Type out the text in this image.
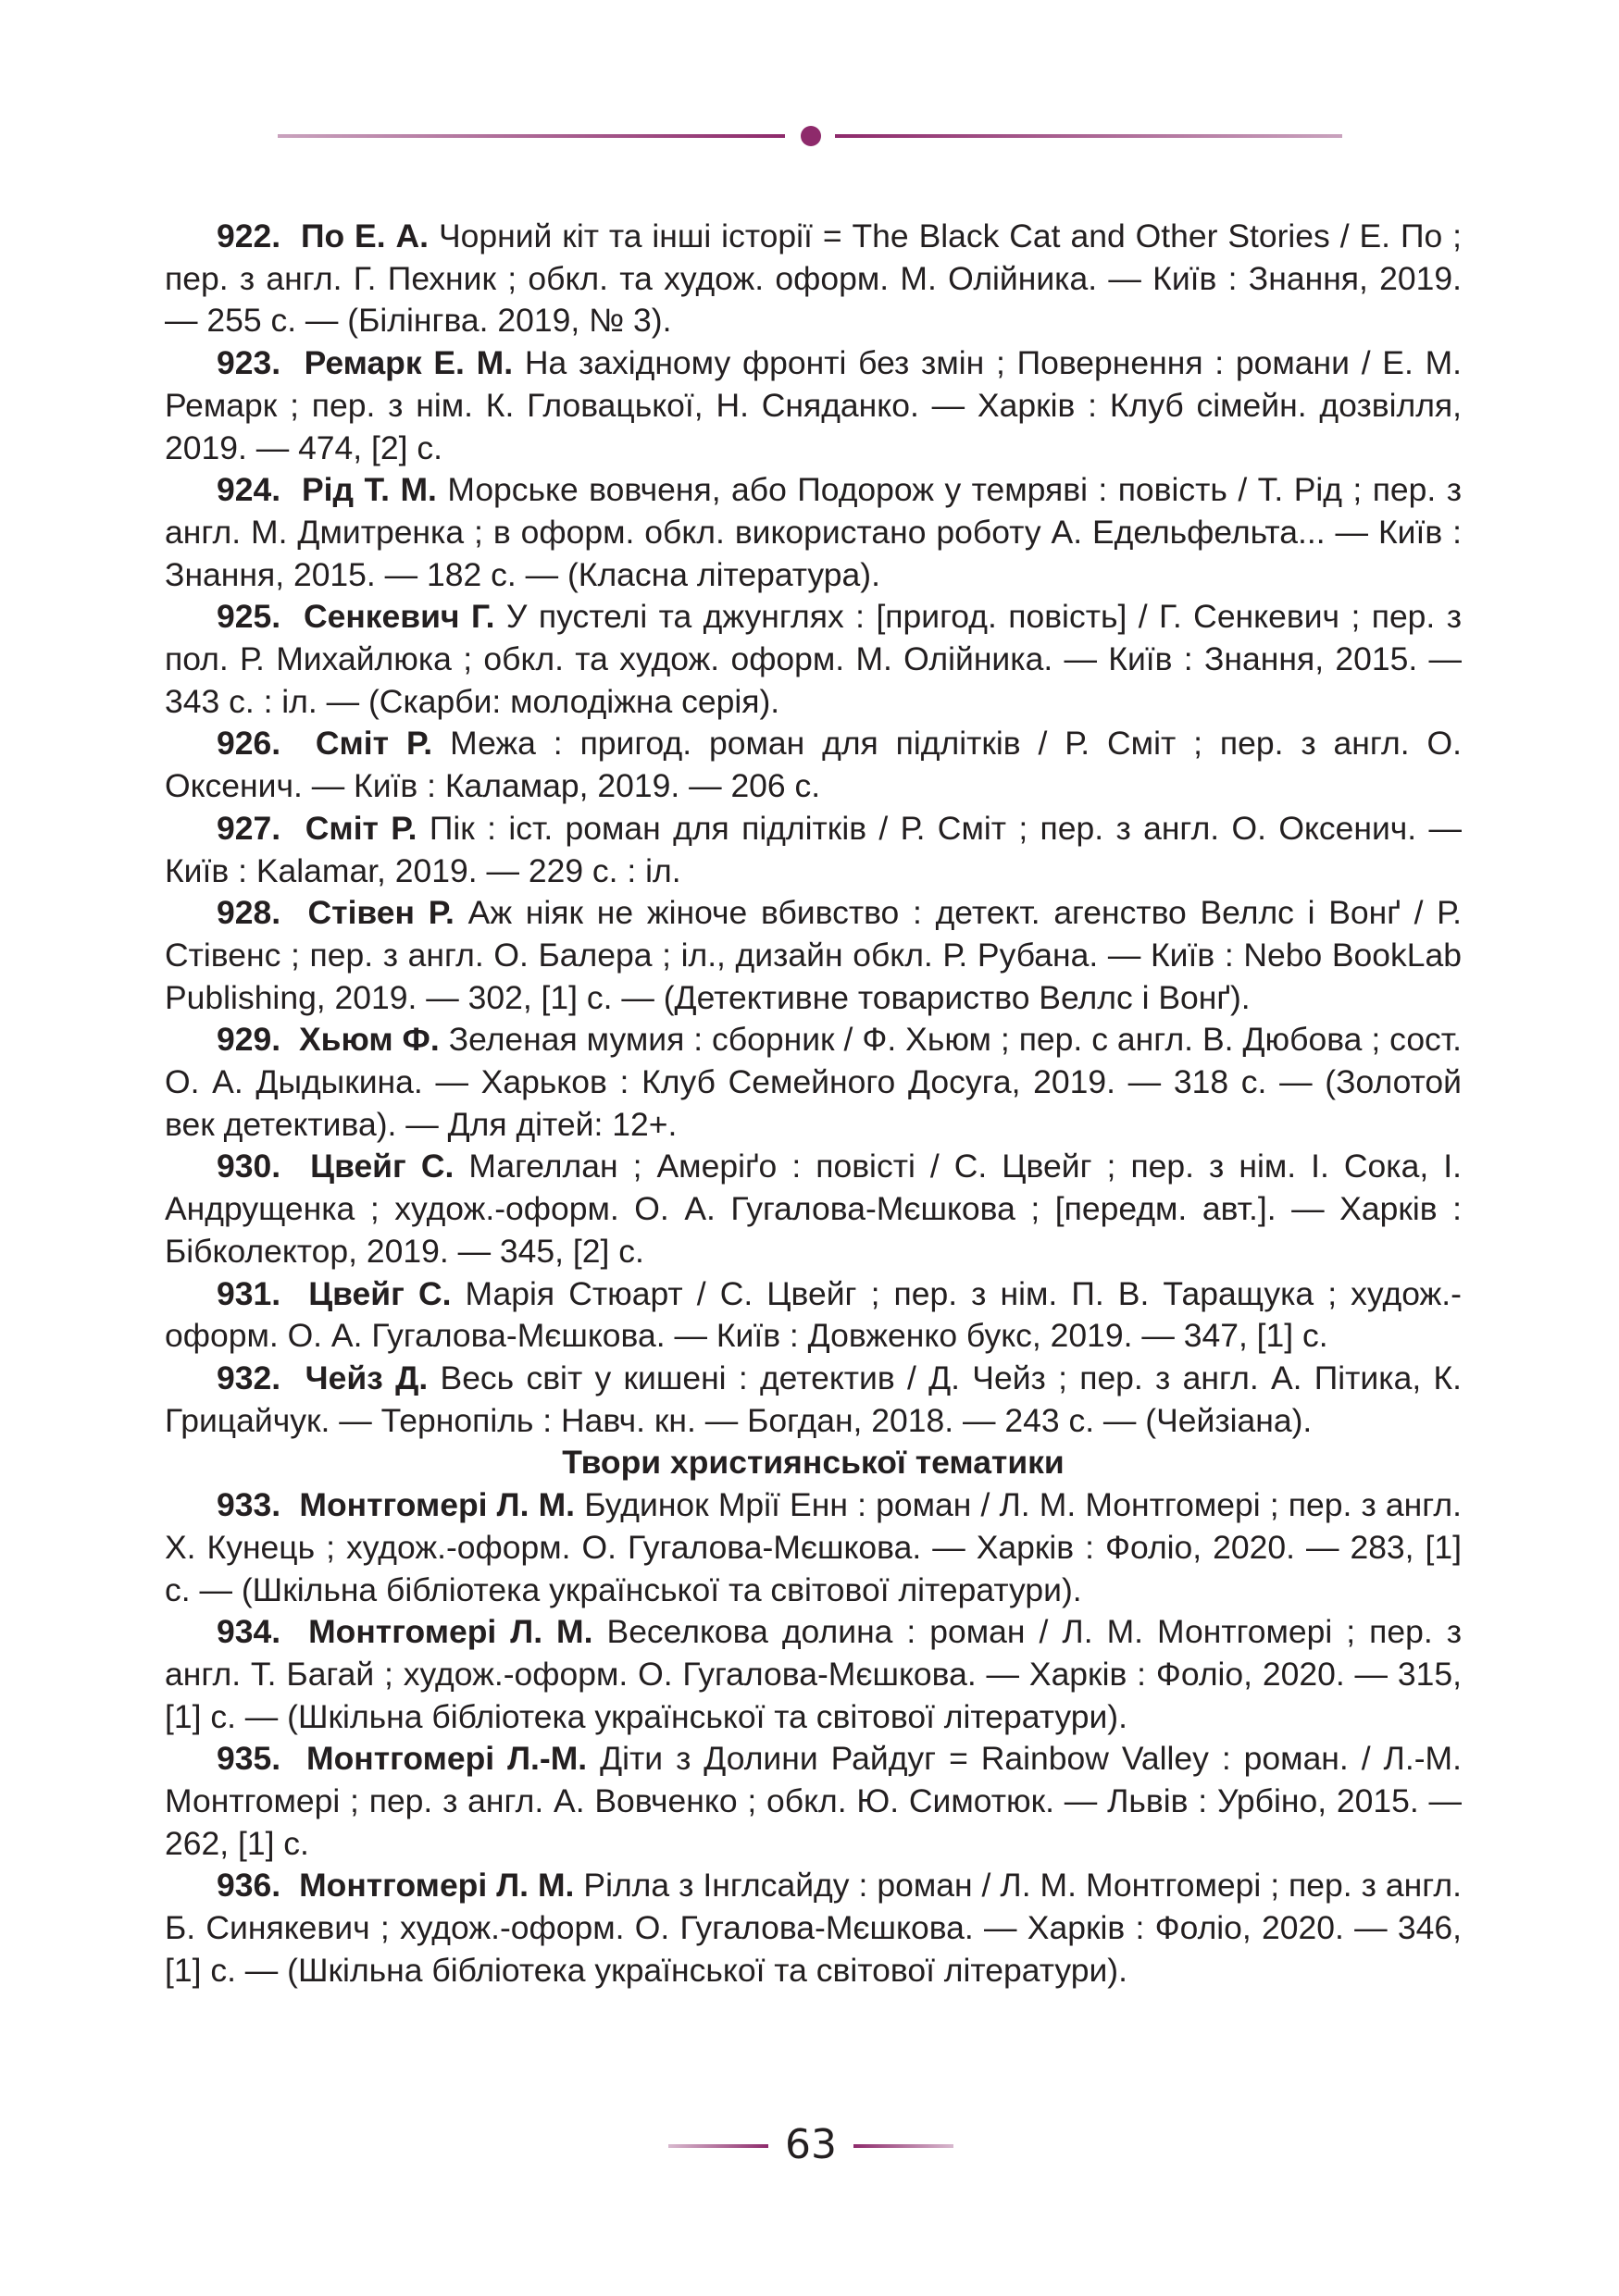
922. По Е. А. Чорний кіт та інші історії = The Black Cat and Other Stories / Е. По ; пер. з англ. Г. Пехник ; обкл. та худож. оформ. М. Олійника. — Київ : Знання, 2019. — 255 с. — (Білінгва. 2019, № 3).

923. Ремарк Е. М. На західному фронті без змін ; Повернення : романи / Е. М. Ремарк ; пер. з нім. К. Гловацької, Н. Сняданко. — Харків : Клуб сімейн. дозвілля, 2019. — 474, [2] с.

924. Рід Т. М. Морське вовченя, або Подорож у темряві : повість / Т. Рід ; пер. з англ. М. Дмитренка ; в оформ. обкл. використано роботу А. Едельфельта... — Київ : Знання, 2015. — 182 с. — (Класна література).

925. Сенкевич Г. У пустелі та джунглях : [пригод. повість] / Г. Сенкевич ; пер. з пол. Р. Михайлюка ; обкл. та худож. оформ. М. Олійника. — Київ : Знання, 2015. — 343 с. : іл. — (Скарби: молодіжна серія).

926. Сміт Р. Межа : пригод. роман для підлітків / Р. Сміт ; пер. з англ. О. Оксенич. — Київ : Каламар, 2019. — 206 с.

927. Сміт Р. Пік : іст. роман для підлітків / Р. Сміт ; пер. з англ. О. Оксенич. — Київ : Kalamar, 2019. — 229 с. : іл.

928. Стівен Р. Аж ніяк не жіноче вбивство : детект. агенство Веллс і Вонґ / Р. Стівенс ; пер. з англ. О. Балера ; іл., дизайн обкл. Р. Рубана. — Київ : Nebo BookLab Publishing, 2019. — 302, [1] с. — (Детективне товариство Веллс і Вонґ).

929. Хьюм Ф. Зеленая мумия : сборник / Ф. Хьюм ; пер. с англ. В. Дюбова ; сост. О. А. Дыдыкина. — Харьков : Клуб Семейного Досуга, 2019. — 318 с. — (Золотой век детектива). — Для дітей: 12+.

930. Цвейг С. Магеллан ; Амеріґо : повісті / С. Цвейг ; пер. з нім. І. Сока, І. Андрущенка ; худож.-оформ. О. А. Гугалова-Мєшкова ; [передм. авт.]. — Харків : Бібколектор, 2019. — 345, [2] с.

931. Цвейг С. Марія Стюарт / С. Цвейг ; пер. з нім. П. В. Таращука ; худож.-оформ. О. А. Гугалова-Мєшкова. — Київ : Довженко букс, 2019. — 347, [1] с.

932. Чейз Д. Весь світ у кишені : детектив / Д. Чейз ; пер. з англ. А. Пітика, К. Грицайчук. — Тернопіль : Навч. кн. — Богдан, 2018. — 243 с. — (Чейзіана).

Твори християнської тематики

933. Монтгомері Л. М. Будинок Мрії Енн : роман / Л. М. Монтгомері ; пер. з англ. Х. Кунець ; худож.-оформ. О. Гугалова-Мєшкова. — Харків : Фоліо, 2020. — 283, [1] с. — (Шкільна бібліотека української та світової літератури).

934. Монтгомері Л. М. Веселкова долина : роман / Л. М. Монтгомері ; пер. з англ. Т. Багай ; худож.-оформ. О. Гугалова-Мєшкова. — Харків : Фоліо, 2020. — 315, [1] с. — (Шкільна бібліотека української та світової літератури).

935. Монтгомері Л.-М. Діти з Долини Райдуг = Rainbow Valley : роман. / Л.-М. Монтгомері ; пер. з англ. А. Вовченко ; обкл. Ю. Симотюк. — Львів : Урбіно, 2015. — 262, [1] с.

936. Монтгомері Л. М. Рілла з Інглсайду : роман / Л. М. Монтгомері ; пер. з англ. Б. Синякевич ; худож.-оформ. О. Гугалова-Мєшкова. — Харків : Фоліо, 2020. — 346, [1] с. — (Шкільна бібліотека української та світової літератури).

63
